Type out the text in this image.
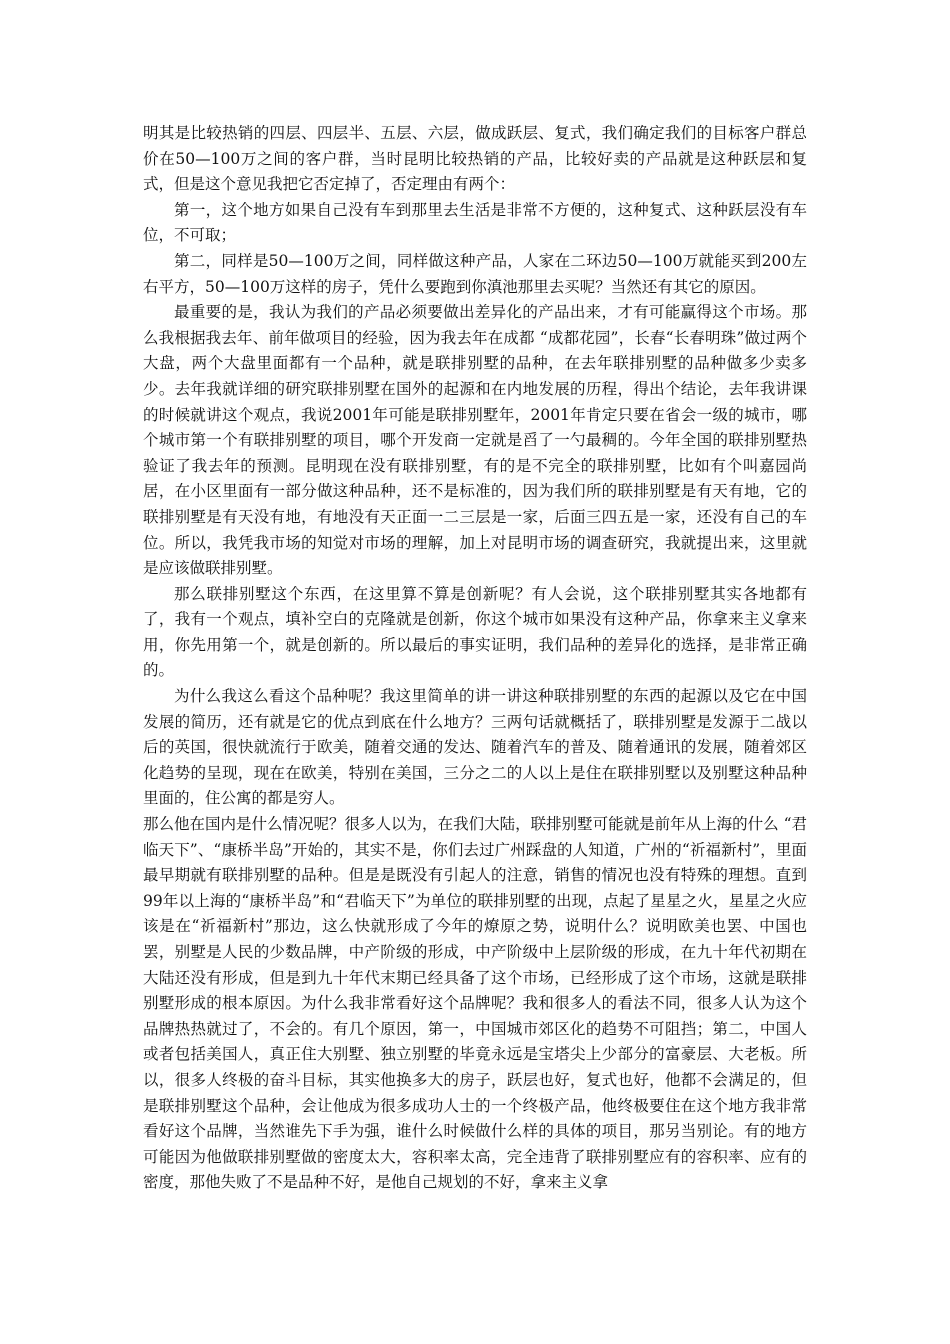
明其是比较热销的四层、四层半、五层、六层，做成跃层、复式，我们确定我们的目标客户群总价在50—100万之间的客户群，当时昆明比较热销的产品，比较好卖的产品就是这种跃层和复式，但是这个意见我把它否定掉了，否定理由有两个：

第一，这个地方如果自己没有车到那里去生活是非常不方便的，这种复式、这种跃层没有车位，不可取；

第二，同样是50—100万之间，同样做这种产品，人家在二环边50—100万就能买到200左右平方，50—100万这样的房子，凭什么要跑到你滇池那里去买呢？当然还有其它的原因。

最重要的是，我认为我们的产品必须要做出差异化的产品出来，才有可能赢得这个市场。那么我根据我去年、前年做项目的经验，因为我去年在成都 “成都花园”，长春“长春明珠”做过两个大盘，两个大盘里面都有一个品种，就是联排别墅的品种，在去年联排别墅的品种做多少卖多少。去年我就详细的研究联排别墅在国外的起源和在内地发展的历程，得出个结论，去年我讲课的时候就讲这个观点，我说2001年可能是联排别墅年，2001年肯定只要在省会一级的城市，哪个城市第一个有联排别墅的项目，哪个开发商一定就是舀了一勺最稠的。今年全国的联排别墅热验证了我去年的预测。昆明现在没有联排别墅，有的是不完全的联排别墅，比如有个叫嘉园尚居，在小区里面有一部分做这种品种，还不是标准的，因为我们所的联排别墅是有天有地，它的联排别墅是有天没有地，有地没有天正面一二三层是一家，后面三四五是一家，还没有自己的车位。所以，我凭我市场的知觉对市场的理解，加上对昆明市场的调查研究，我就提出来，这里就是应该做联排别墅。

那么联排别墅这个东西，在这里算不算是创新呢？有人会说，这个联排别墅其实各地都有了，我有一个观点，填补空白的克隆就是创新，你这个城市如果没有这种产品，你拿来主义拿来用，你先用第一个，就是创新的。所以最后的事实证明，我们品种的差异化的选择，是非常正确的。

为什么我这么看这个品种呢？我这里简单的讲一讲这种联排别墅的东西的起源以及它在中国发展的简历，还有就是它的优点到底在什么地方？三两句话就概括了，联排别墅是发源于二战以后的英国，很快就流行于欧美，随着交通的发达、随着汽车的普及、随着通讯的发展，随着郊区化趋势的呈现，现在在欧美，特别在美国，三分之二的人以上是住在联排别墅以及别墅这种品种里面的，住公寓的都是穷人。

那么他在国内是什么情况呢？很多人以为，在我们大陆，联排别墅可能就是前年从上海的什么 “君临天下”、“康桥半岛”开始的，其实不是，你们去过广州踩盘的人知道，广州的“祈福新村”，里面最早期就有联排别墅的品种。但是是既没有引起人的注意，销售的情况也没有特殊的理想。直到99年以上海的“康桥半岛”和“君临天下”为单位的联排别墅的出现，点起了星星之火，星星之火应该是在“祈福新村”那边，这么快就形成了今年的燎原之势，说明什么？说明欧美也罢、中国也罢，别墅是人民的少数品牌，中产阶级的形成，中产阶级中上层阶级的形成，在九十年代初期在大陆还没有形成，但是到九十年代末期已经具备了这个市场，已经形成了这个市场，这就是联排别墅形成的根本原因。为什么我非常看好这个品牌呢？我和很多人的看法不同，很多人认为这个品牌热热就过了，不会的。有几个原因，第一，中国城市郊区化的趋势不可阻挡；第二，中国人或者包括美国人，真正住大别墅、独立别墅的毕竟永远是宝塔尖上少部分的富豪层、大老板。所以，很多人终极的奋斗目标，其实他换多大的房子，跃层也好，复式也好，他都不会满足的，但是联排别墅这个品种，会让他成为很多成功人士的一个终极产品，他终极要住在这个地方我非常看好这个品牌，当然谁先下手为强，谁什么时候做什么样的具体的项目，那另当别论。有的地方可能因为他做联排别墅做的密度太大，容积率太高，完全违背了联排别墅应有的容积率、应有的密度，那他失败了不是品种不好，是他自己规划的不好，拿来主义拿
